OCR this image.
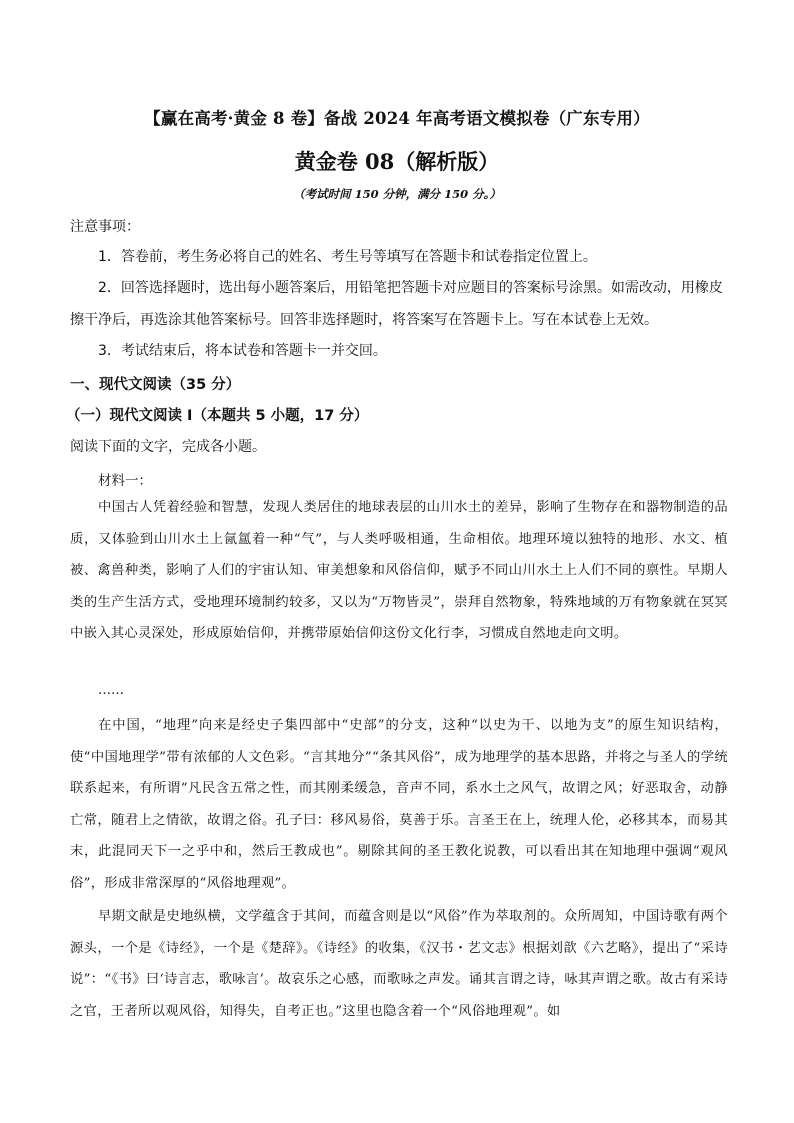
【赢在高考·黄金 8 卷】备战 2024 年高考语文模拟卷（广东专用）
黄金卷 08（解析版）
（考试时间 150 分钟，满分 150 分。）
注意事项：
1．答卷前，考生务必将自己的姓名、考生号等填写在答题卡和试卷指定位置上。
2．回答选择题时，选出每小题答案后，用铅笔把答题卡对应题目的答案标号涂黑。如需改动，用橡皮擦干净后，再选涂其他答案标号。回答非选择题时，将答案写在答题卡上。写在本试卷上无效。
3．考试结束后，将本试卷和答题卡一并交回。
一、现代文阅读（35 分）
（一）现代文阅读 I（本题共 5 小题，17 分）
阅读下面的文字，完成各小题。
材料一：
中国古人凭着经验和智慧，发现人类居住的地球表层的山川水土的差异，影响了生物存在和器物制造的品质，又体验到山川水土上氤氲着一种“气”，与人类呼吸相通，生命相依。地理环境以独特的地形、水文、植被、禽兽种类，影响了人们的宇宙认知、审美想象和风俗信仰，赋予不同山川水土上人们不同的禀性。早期人类的生产生活方式，受地理环境制约较多，又以为“万物皆灵”，崇拜自然物象，特殊地域的万有物象就在冥冥中嵌入其心灵深处，形成原始信仰，并携带原始信仰这份文化行李，习惯成自然地走向文明。
……
在中国，“地理”向来是经史子集四部中“史部”的分支，这种“以史为干、以地为支”的原生知识结构，使“中国地理学”带有浓郁的人文色彩。“言其地分”“条其风俗”，成为地理学的基本思路，并将之与圣人的学统联系起来，有所谓“凡民含五常之性，而其刚柔缓急，音声不同，系水土之风气，故谓之风；好恶取舍，动静亡常，随君上之情欲，故谓之俗。孔子曰：移风易俗，莫善于乐。言圣王在上，统理人伦，必移其本，而易其末，此混同天下一之乎中和，然后王教成也”。剔除其间的圣王教化说教，可以看出其在知地理中强调“观风俗”，形成非常深厚的“风俗地理观”。
早期文献是史地纵横，文学蕴含于其间，而蕴含则是以“风俗”作为萃取剂的。众所周知，中国诗歌有两个源头，一个是《诗经》，一个是《楚辞》。《诗经》的收集，《汉书・艺文志》根据刘歆《六艺略》，提出了“采诗说”：“《书》曰‘诗言志，歌咏言’。故哀乐之心感，而歌咏之声发。诵其言谓之诗，咏其声谓之歌。故古有采诗之官，王者所以观风俗，知得失，自考正也。”这里也隐含着一个“风俗地理观”。如
